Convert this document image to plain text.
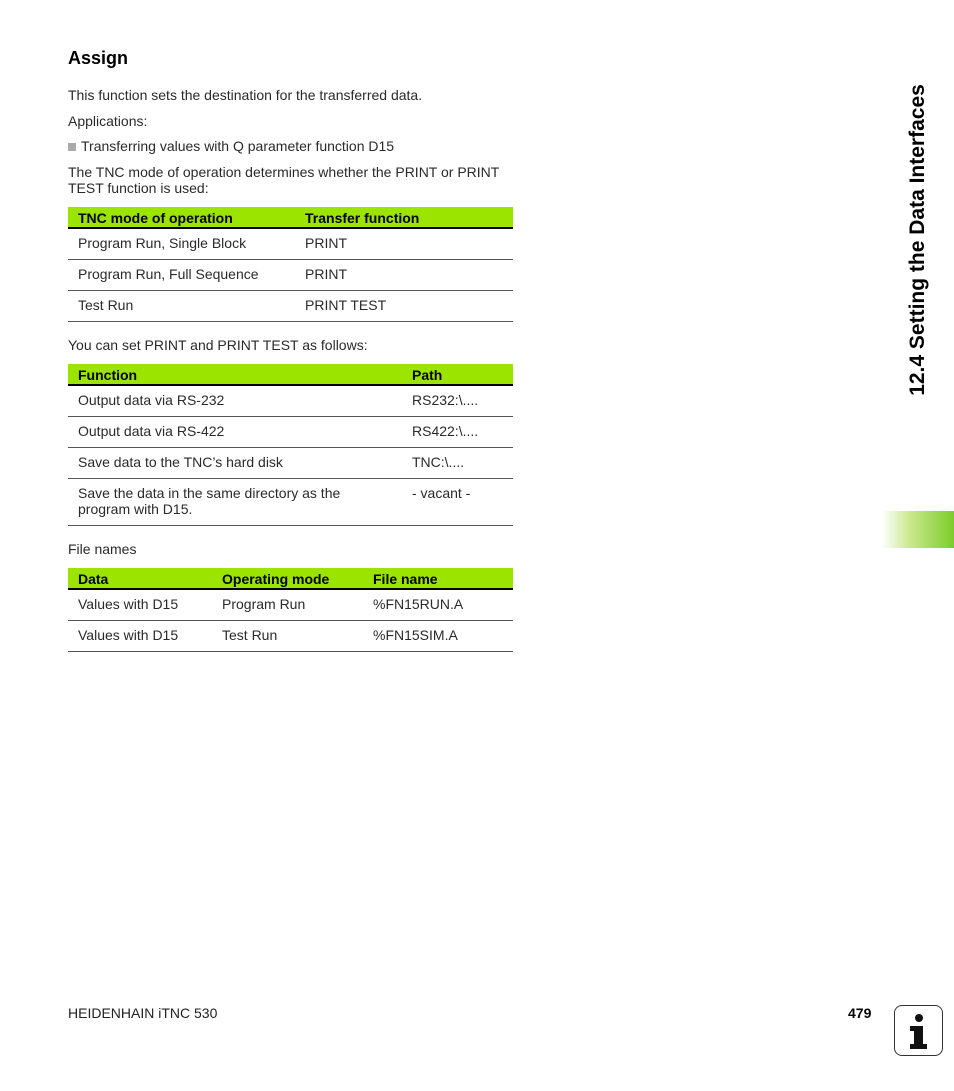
Assign
This function sets the destination for the transferred data.
Applications:
Transferring values with Q parameter function D15
The TNC mode of operation determines whether the PRINT or PRINT TEST function is used:
TNC mode of operation	Transfer function
Program Run, Single Block	PRINT
Program Run, Full Sequence	PRINT
Test Run	PRINT TEST
You can set PRINT and PRINT TEST as follows:
Function	Path
Output data via RS-232	RS232:\....
Output data via RS-422	RS422:\....
Save data to the TNC’s hard disk	TNC:\....
Save the data in the same directory as the program with D15.	- vacant -
File names
Data	Operating mode	File name
Values with D15	Program Run	%FN15RUN.A
Values with D15	Test Run	%FN15SIM.A
12.4 Setting the Data Interfaces
HEIDENHAIN iTNC 530	479
